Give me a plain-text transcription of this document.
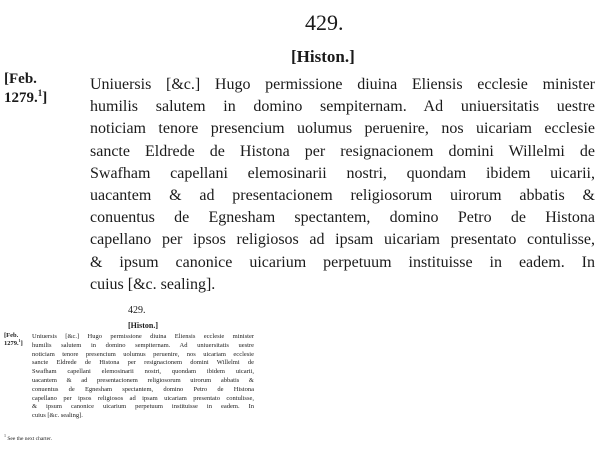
429.
[Histon.]
[Feb.
1279.$^1$]
Uniuersis [&c.] Hugo permissione diuina Eliensis ecclesie minister
humilis salutem in domino sempiternam. Ad uniuersitatis uestre
noticiam tenore presencium uolumus peruenire, nos uicariam ecclesie
sancte Eldrede de Histona per resignacionem domini Willelmi de
Swafham capellani elemosinarii nostri, quondam ibidem uicarii,
uacantem & ad presentacionem religiosorum uirorum abbatis &
conuentus de Egnesham spectantem, domino Petro de Histona
capellano per ipsos religiosos ad ipsam uicariam presentato contulisse,
& ipsum canonice uicarium perpetuum instituisse in eadem. In
cuius [&c. sealing].
429.
[Histon.]
[Feb.
1279.$^1$]
Uniuersis [&c.] Hugo permissione diuina Eliensis ecclesie minister
humilis salutem in domino sempiternam. Ad uniuersitatis uestre
noticiam tenore presencium uolumus peruenire, nos uicariam ecclesie
sancte Eldrede de Histona per resignacionem domini Willelmi de
Swafham capellani elemosinarii nostri, quondam ibidem uicarii,
uacantem & ad presentacionem religiosorum uirorum abbatis &
conuentus de Egnesham spectantem, domino Petro de Histona
capellano per ipsos religiosos ad ipsam uicariam presentato contulisse,
& ipsum canonice uicarium perpetuum instituisse in eadem. In
cuius [&c. sealing].
$^1$ See the next charter.
